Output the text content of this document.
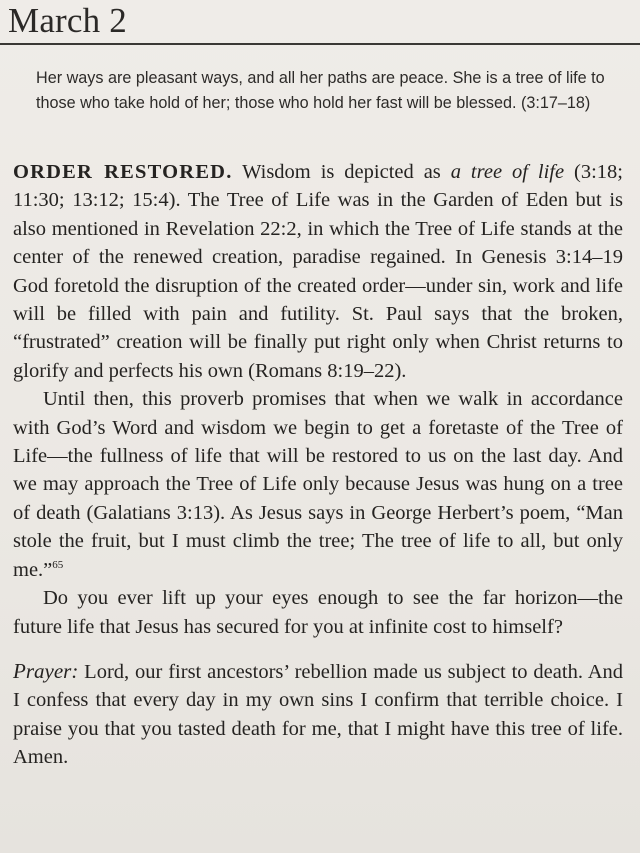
March 2
Her ways are pleasant ways, and all her paths are peace. She is a tree of life to those who take hold of her; those who hold her fast will be blessed. (3:17–18)

ORDER RESTORED. Wisdom is depicted as a tree of life (3:18; 11:30; 13:12; 15:4). The Tree of Life was in the Garden of Eden but is also mentioned in Revelation 22:2, in which the Tree of Life stands at the center of the renewed creation, paradise regained. In Genesis 3:14–19 God foretold the disruption of the created order—under sin, work and life will be filled with pain and futility. St. Paul says that the broken, “frustrated” creation will be finally put right only when Christ returns to glorify and perfects his own (Romans 8:19–22).

Until then, this proverb promises that when we walk in accordance with God’s Word and wisdom we begin to get a foretaste of the Tree of Life—the fullness of life that will be restored to us on the last day. And we may approach the Tree of Life only because Jesus was hung on a tree of death (Galatians 3:13). As Jesus says in George Herbert’s poem, “Man stole the fruit, but I must climb the tree; The tree of life to all, but only me.”$^{65}$

Do you ever lift up your eyes enough to see the far horizon—the future life that Jesus has secured for you at infinite cost to himself?

Prayer: Lord, our first ancestors’ rebellion made us subject to death. And I confess that every day in my own sins I confirm that terrible choice. I praise you that you tasted death for me, that I might have this tree of life. Amen.
